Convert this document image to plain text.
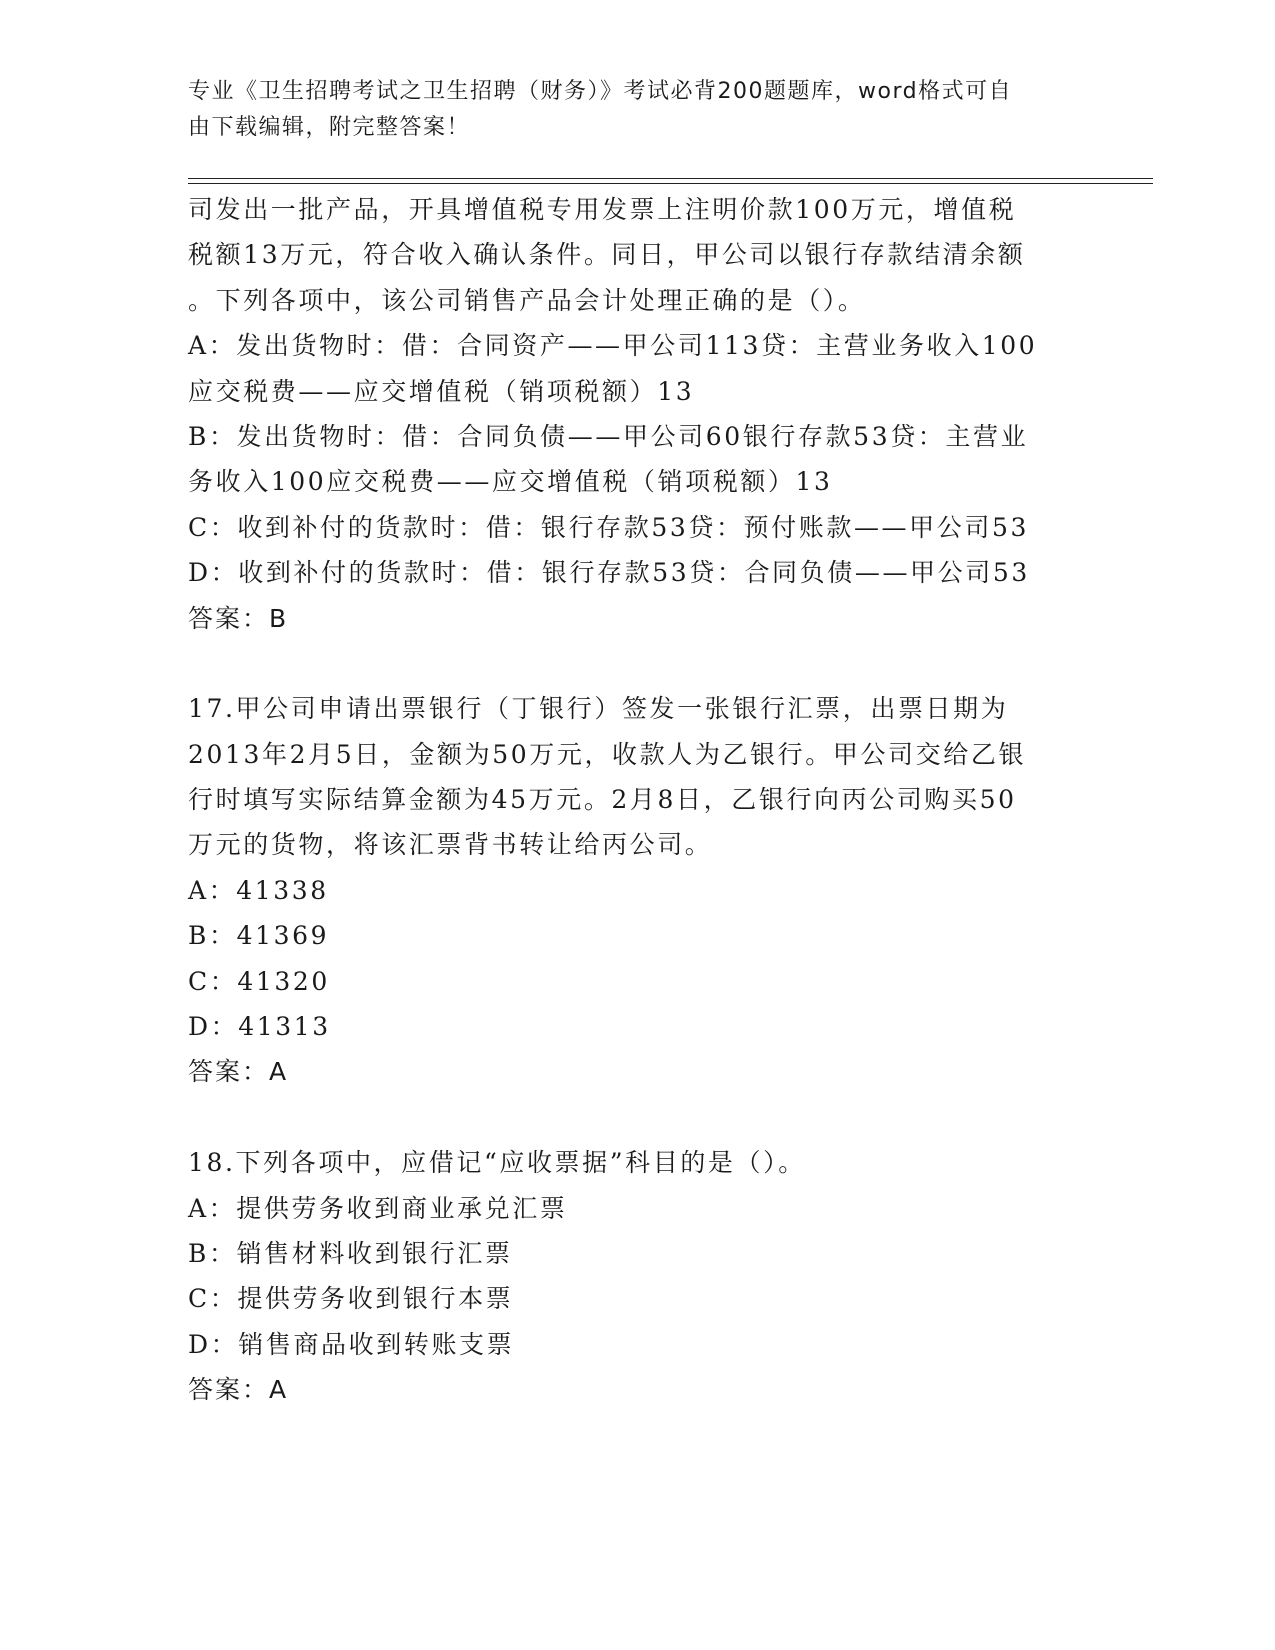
专业《卫生招聘考试之卫生招聘（财务）》考试必背200题题库，word格式可自
由下载编辑，附完整答案！
司发出一批产品，开具增值税专用发票上注明价款100万元，增值税
税额13万元，符合收入确认条件。同日，甲公司以银行存款结清余额
。下列各项中，该公司销售产品会计处理正确的是（）。
A：发出货物时：借：合同资产——甲公司113贷：主营业务收入100
应交税费——应交增值税（销项税额）13
B：发出货物时：借：合同负债——甲公司60银行存款53贷：主营业
务收入100应交税费——应交增值税（销项税额）13
C：收到补付的货款时：借：银行存款53贷：预付账款——甲公司53
D：收到补付的货款时：借：银行存款53贷：合同负债——甲公司53
答案：B
17.甲公司申请出票银行（丁银行）签发一张银行汇票，出票日期为
2013年2月5日，金额为50万元，收款人为乙银行。甲公司交给乙银
行时填写实际结算金额为45万元。2月8日，乙银行向丙公司购买50
万元的货物，将该汇票背书转让给丙公司。
A：41338
B：41369
C：41320
D：41313
答案：A
18.下列各项中，应借记“应收票据”科目的是（）。
A：提供劳务收到商业承兑汇票
B：销售材料收到银行汇票
C：提供劳务收到银行本票
D：销售商品收到转账支票
答案：A
